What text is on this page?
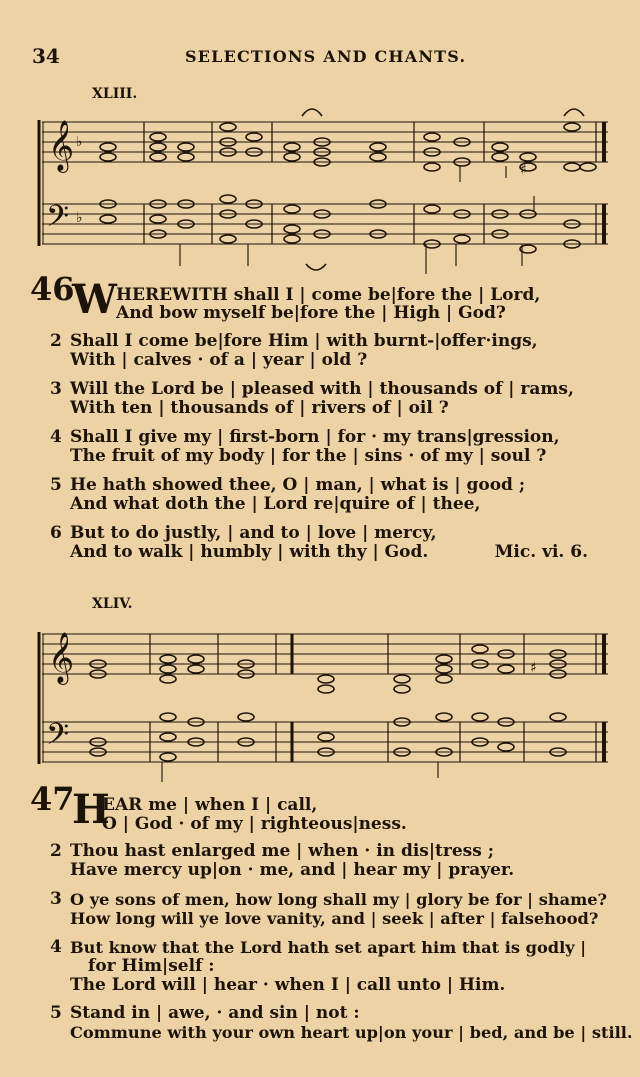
34	SELECTIONS AND CHANTS.
XLIII.
𝄞
𝄢
♭
♭
♯
46
W HEREWITH shall I | come be|fore the | Lord,
And bow myself be|fore the | High | God?
2 Shall I come be|fore Him | with burnt-|offer·ings,
With | calves · of a | year | old ?
3 Will the Lord be | pleased with | thousands of | rams,
With ten | thousands of | rivers of | oil ?
4 Shall I give my | first-born | for · my trans|gression,
The fruit of my body | for the | sins · of my | soul ?
5 He hath showed thee, O | man, | what is | good ;
And what doth the | Lord re|quire of | thee,
6 But to do justly, | and to | love | mercy,
And to walk | humbly | with thy | God.	Mic. vi. 6.
XLIV.
𝄞
𝄢
♯
47
H
EAR me | when I | call,
O | God · of my | righteous|ness.
2 Thou hast enlarged me | when · in dis|tress ;
Have mercy up|on · me, and | hear my | prayer.
3 O ye sons of men, how long shall my | glory be for | shame?
How long will ye love vanity, and | seek | after | falsehood?
4 But know that the Lord hath set apart him that is godly |
for Him|self :
The Lord will | hear · when I | call unto | Him.
5 Stand in | awe, · and sin | not :
Commune with your own heart up|on your | bed, and be | still.
